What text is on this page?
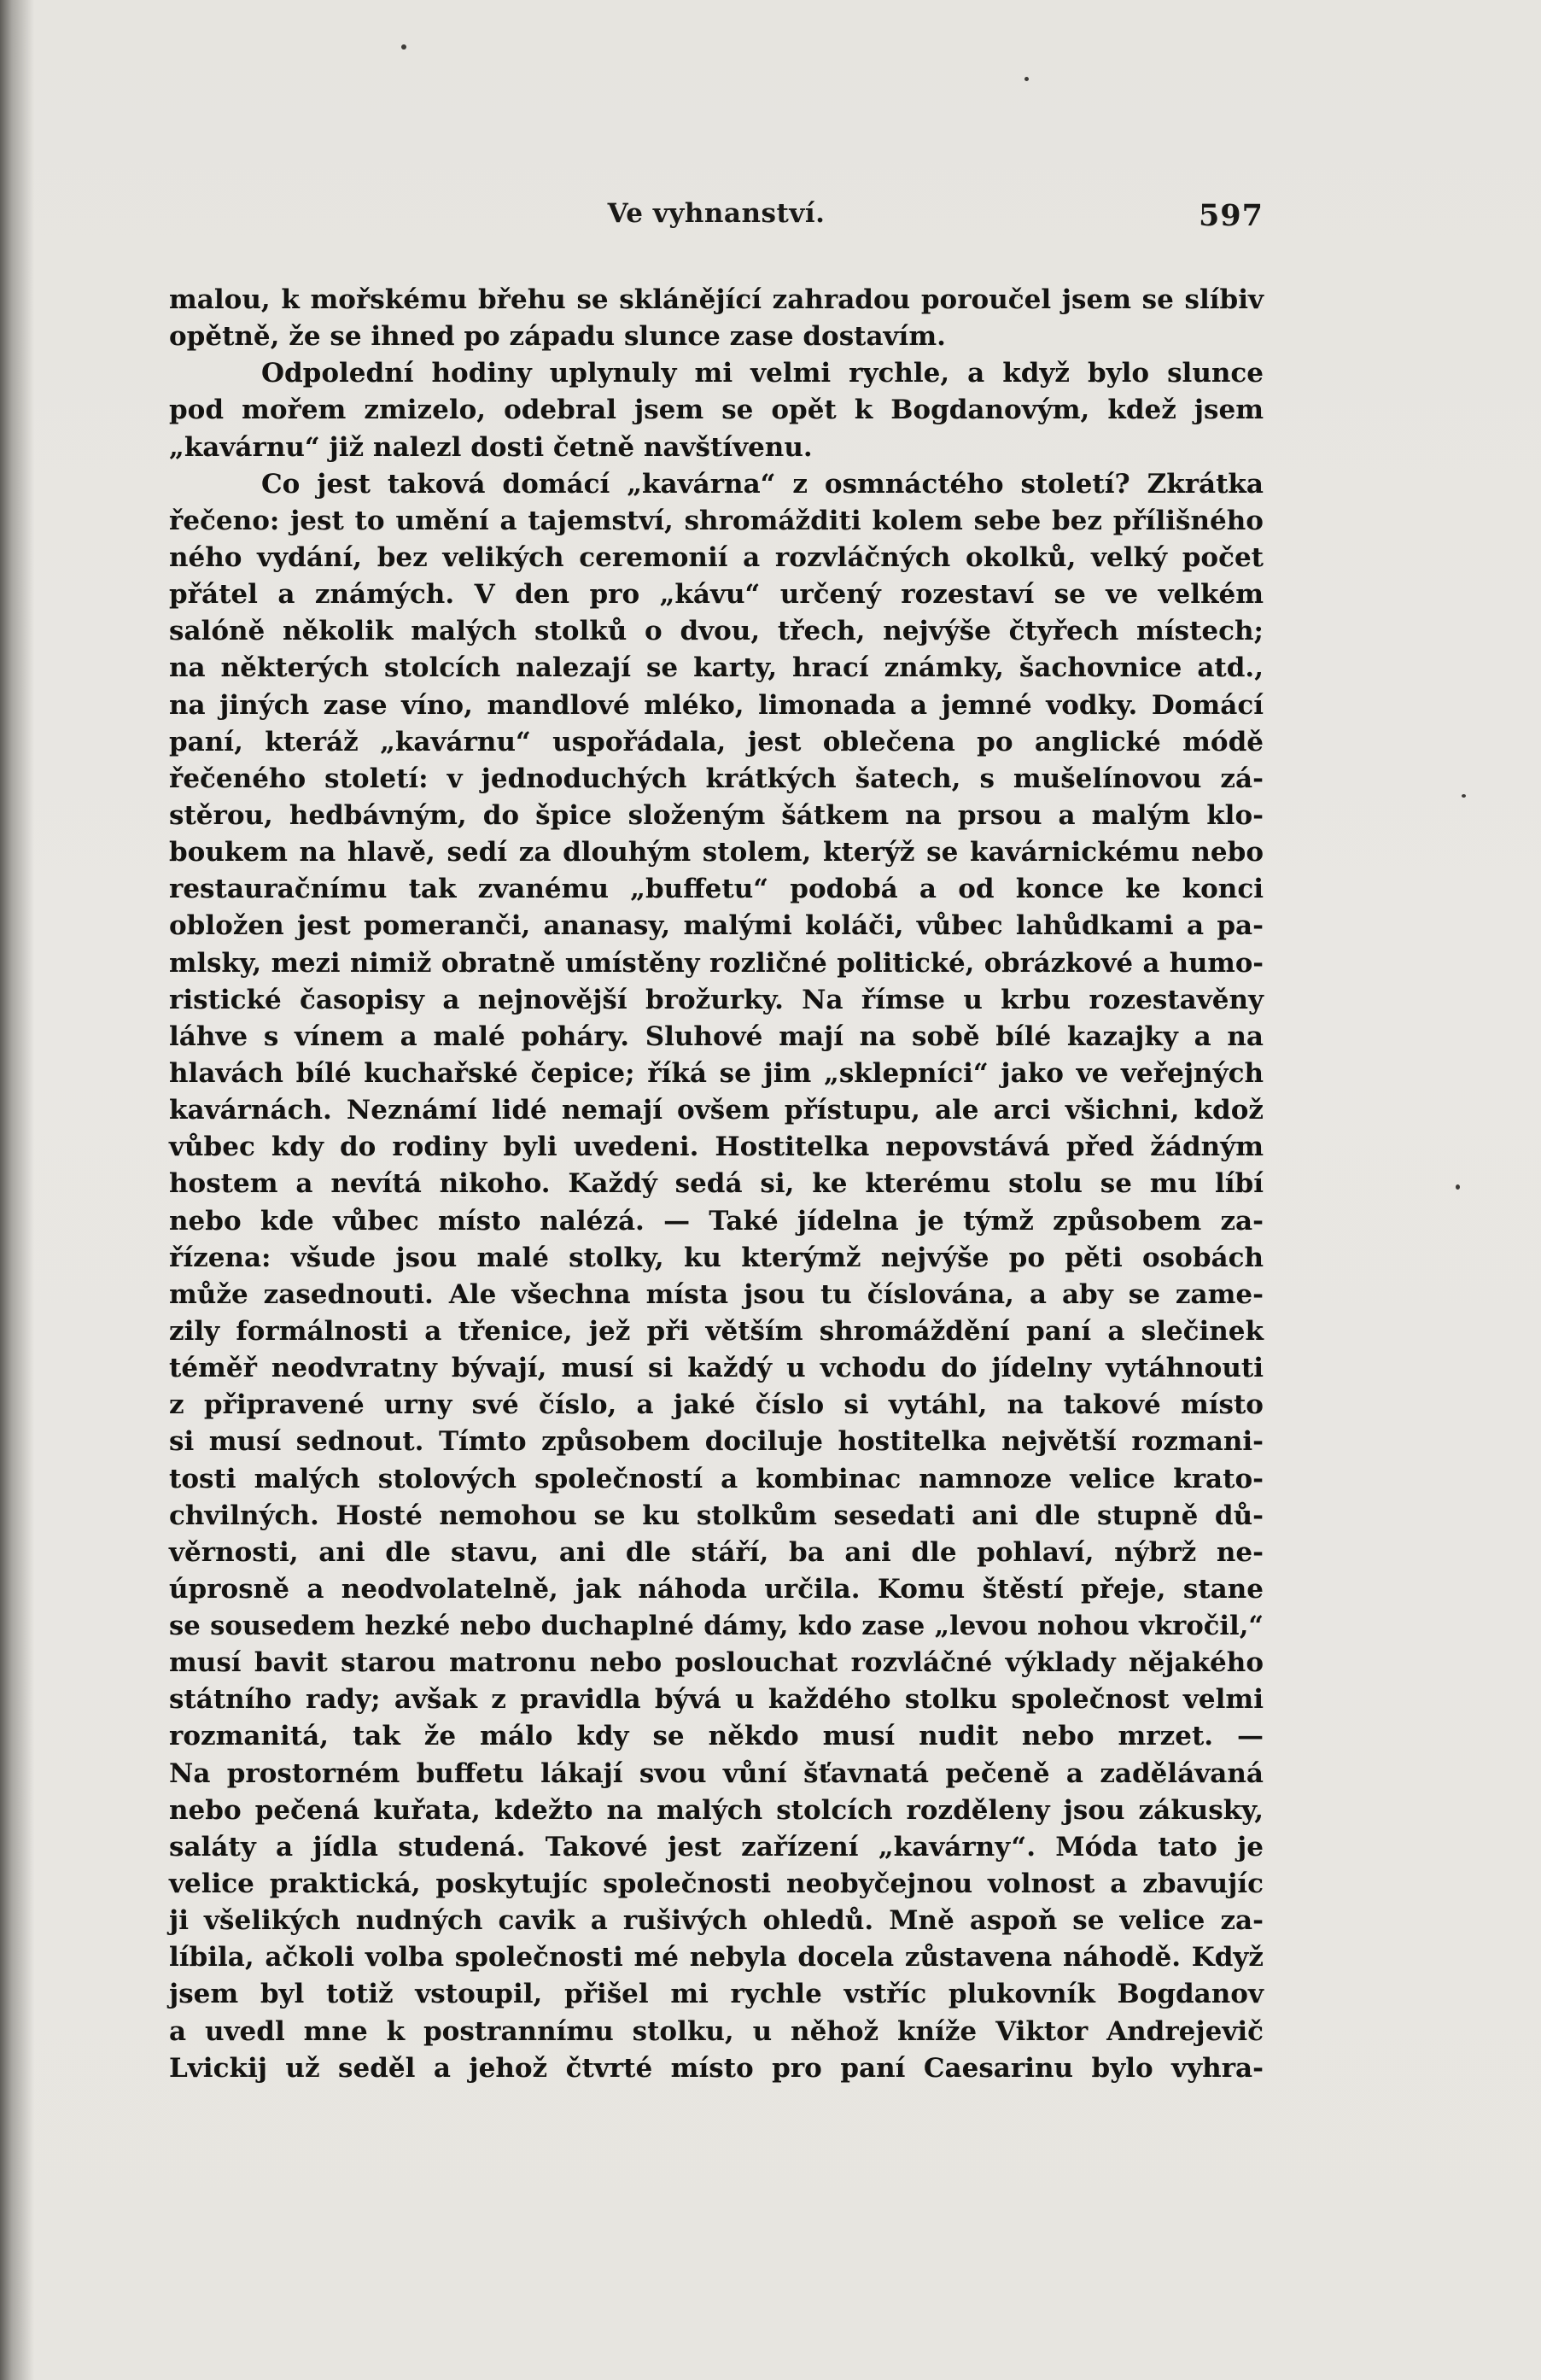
Ve vyhnanství.	597
malou, k mořskému břehu se sklánějící zahradou poroučel jsem se slíbiv
opětně, že se ihned po západu slunce zase dostavím.
Odpolední hodiny uplynuly mi velmi rychle, a když bylo slunce
pod mořem zmizelo, odebral jsem se opět k Bogdanovým, kdež jsem
„kavárnu“ již nalezl dosti četně navštívenu.
Co jest taková domácí „kavárna“ z osmnáctého století? Zkrátka
řečeno: jest to umění a tajemství, shromážditi kolem sebe bez přílišného
ného vydání, bez velikých ceremonií a rozvláčných okolků, velký počet
přátel a známých. V den pro „kávu“ určený rozestaví se ve velkém
salóně několik malých stolků o dvou, třech, nejvýše čtyřech místech;
na některých stolcích nalezají se karty, hrací známky, šachovnice atd.,
na jiných zase víno, mandlové mléko, limonada a jemné vodky. Domácí
paní, kteráž „kavárnu“ uspořádala, jest oblečena po anglické módě
řečeného století: v jednoduchých krátkých šatech, s mušelínovou zá-
stěrou, hedbávným, do špice složeným šátkem na prsou a malým klo-
boukem na hlavě, sedí za dlouhým stolem, kterýž se kavárnickému nebo
restauračnímu tak zvanému „buffetu“ podobá a od konce ke konci
obložen jest pomeranči, ananasy, malými koláči, vůbec lahůdkami a pa-
mlsky, mezi nimiž obratně umístěny rozličné politické, obrázkové a humo-
ristické časopisy a nejnovější brožurky. Na římse u krbu rozestavěny
láhve s vínem a malé poháry. Sluhové mají na sobě bílé kazajky a na
hlavách bílé kuchařské čepice; říká se jim „sklepníci“ jako ve veřejných
kavárnách. Neznámí lidé nemají ovšem přístupu, ale arci všichni, kdož
vůbec kdy do rodiny byli uvedeni. Hostitelka nepovstává před žádným
hostem a nevítá nikoho. Každý sedá si, ke kterému stolu se mu líbí
nebo kde vůbec místo nalézá. — Také jídelna je týmž způsobem za-
řízena: všude jsou malé stolky, ku kterýmž nejvýše po pěti osobách
může zasednouti. Ale všechna místa jsou tu číslována, a aby se zame-
zily formálnosti a třenice, jež při větším shromáždění paní a slečinek
téměř neodvratny bývají, musí si každý u vchodu do jídelny vytáhnouti
z připravené urny své číslo, a jaké číslo si vytáhl, na takové místo
si musí sednout. Tímto způsobem dociluje hostitelka největší rozmani-
tosti malých stolových společností a kombinac namnoze velice krato-
chvilných. Hosté nemohou se ku stolkům sesedati ani dle stupně dů-
věrnosti, ani dle stavu, ani dle stáří, ba ani dle pohlaví, nýbrž ne-
úprosně a neodvolatelně, jak náhoda určila. Komu štěstí přeje, stane
se sousedem hezké nebo duchaplné dámy, kdo zase „levou nohou vkročil,“
musí bavit starou matronu nebo poslouchat rozvláčné výklady nějakého
státního rady; avšak z pravidla bývá u každého stolku společnost velmi
rozmanitá, tak že málo kdy se někdo musí nudit nebo mrzet. —
Na prostorném buffetu lákají svou vůní šťavnatá pečeně a zadělávaná
nebo pečená kuřata, kdežto na malých stolcích rozděleny jsou zákusky,
saláty a jídla studená. Takové jest zařízení „kavárny“. Móda tato je
velice praktická, poskytujíc společnosti neobyčejnou volnost a zbavujíc
ji všelikých nudných cavik a rušivých ohledů. Mně aspoň se velice za-
líbila, ačkoli volba společnosti mé nebyla docela zůstavena náhodě. Když
jsem byl totiž vstoupil, přišel mi rychle vstříc plukovník Bogdanov
a uvedl mne k postrannímu stolku, u něhož kníže Viktor Andrejevič
Lvickij už seděl a jehož čtvrté místo pro paní Caesarinu bylo vyhra-
